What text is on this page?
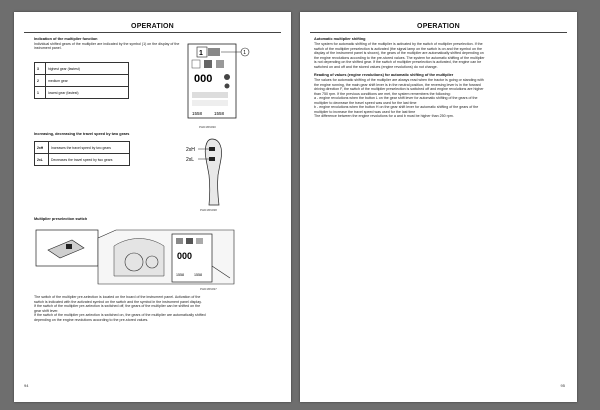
OPERATION
Indication of the multiplier function
Individual shifted gears of the multiplier are indicated by the symbol (1) on the display of the instrument panel.
3	highest gear (fastest)
2	medium gear
1	lowest gear (fastest)
1	1
000
1558	1558
PHD18N030
Increasing, decreasing the travel speed by two gears
2xH	Increases the travel speed by two gears
2xL	Decreases the travel speed by two gears
2xH
2xL
PHD18N038
Multiplier preselection switch
000
1558	1558
PHD18N037
The switch of the multiplier pre-selection is located on the board of the instrument panel. Activation of the
switch is indicated with the activated symbol on the switch and the symbol in the instrument panel display.
If the switch of the multiplier pre-selection is switched off, the gears of the multiplier can be shifted on the
gear shift lever.
If the switch of the multiplier pre-selection is switched on, the gears of the multiplier are automatically shifted
depending on the engine revolutions according to the pre-stored values.
94
OPERATION
Automatic multiplier shifting
The system for automatic shifting of the multiplier is activated by the switch of multiplier preselection. If the
switch of the multiplier preselection is activated (the signal lamp on the switch is on and the symbol on the
display of the instrument panel is shown), the gears of the multiplier are automatically shifted depending on
the engine revolutions according to the pre-stored values. The system for automatic shifting of the multiplier
is not depending on the shifted gear. If the switch of multiplier preselection is activated, the engine can be
switched on and off and the stored values (engine revolutions) do not change.
Reading of values (engine revolutions) for automatic shifting of the multiplier
The values for automatic shifting of the multiplier are always read when the tractor is going or standing with
the engine running, the main gear shift lever is in the neutral position, the reversing lever is in the forward
driving direction F, the switch of the multiplier preselection is switched off and engine revolutions are higher
than 750 rpm. If the previous conditions are met, the system remembers the following:
a - engine revolutions when the button L on the gear shift lever for automatic shifting of the gears of the
multiplier to decrease the travel speed was used for the last time
b - engine revolutions when the button H on the gear shift lever for automatic shifting of the gears of the
multiplier to increase the travel speed was used for the last time
The difference between the engine revolutions for a and b must be higher than 250 rpm.
95
